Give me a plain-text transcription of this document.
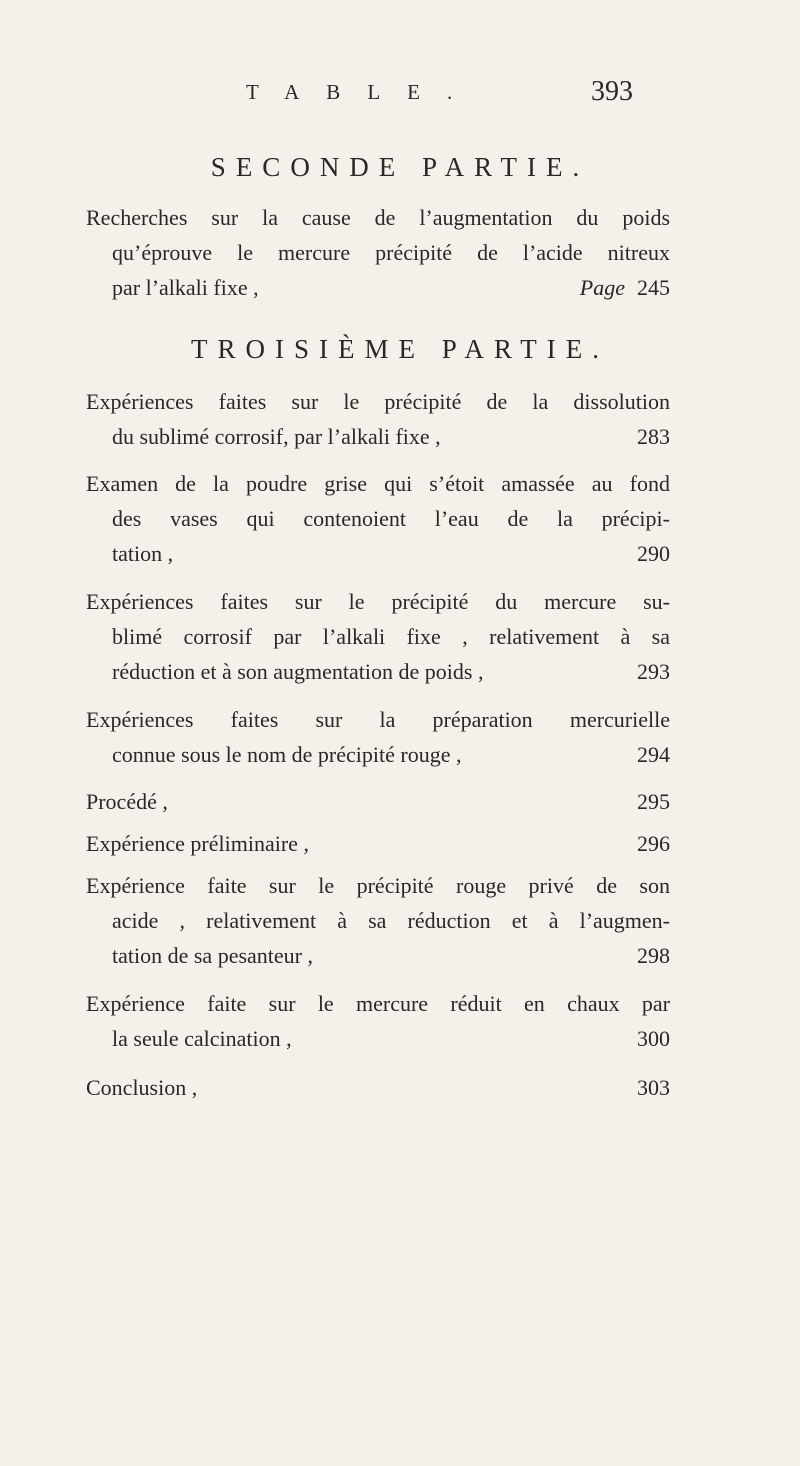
TABLE.	393
SECONDE PARTIE.
Recherches sur la cause de l’augmentation du poids
qu’éprouve le mercure précipité de l’acide nitreux
par l’alkali fixe ,	Page 245
TROISIÈME PARTIE.
Expériences faites sur le précipité de la dissolution
du sublimé corrosif, par l’alkali fixe ,	283
Examen de la poudre grise qui s’étoit amassée au fond
des vases qui contenoient l’eau de la précipi-
tation ,	290
Expériences faites sur le précipité du mercure su-
blimé corrosif par l’alkali fixe , relativement à sa
réduction et à son augmentation de poids ,	293
Expériences faites sur la préparation mercurielle
connue sous le nom de précipité rouge ,	294
Procédé ,	295
Expérience préliminaire ,	296
Expérience faite sur le précipité rouge privé de son
acide , relativement à sa réduction et à l’augmen-
tation de sa pesanteur ,	298
Expérience faite sur le mercure réduit en chaux par
la seule calcination ,	300
Conclusion ,	303
